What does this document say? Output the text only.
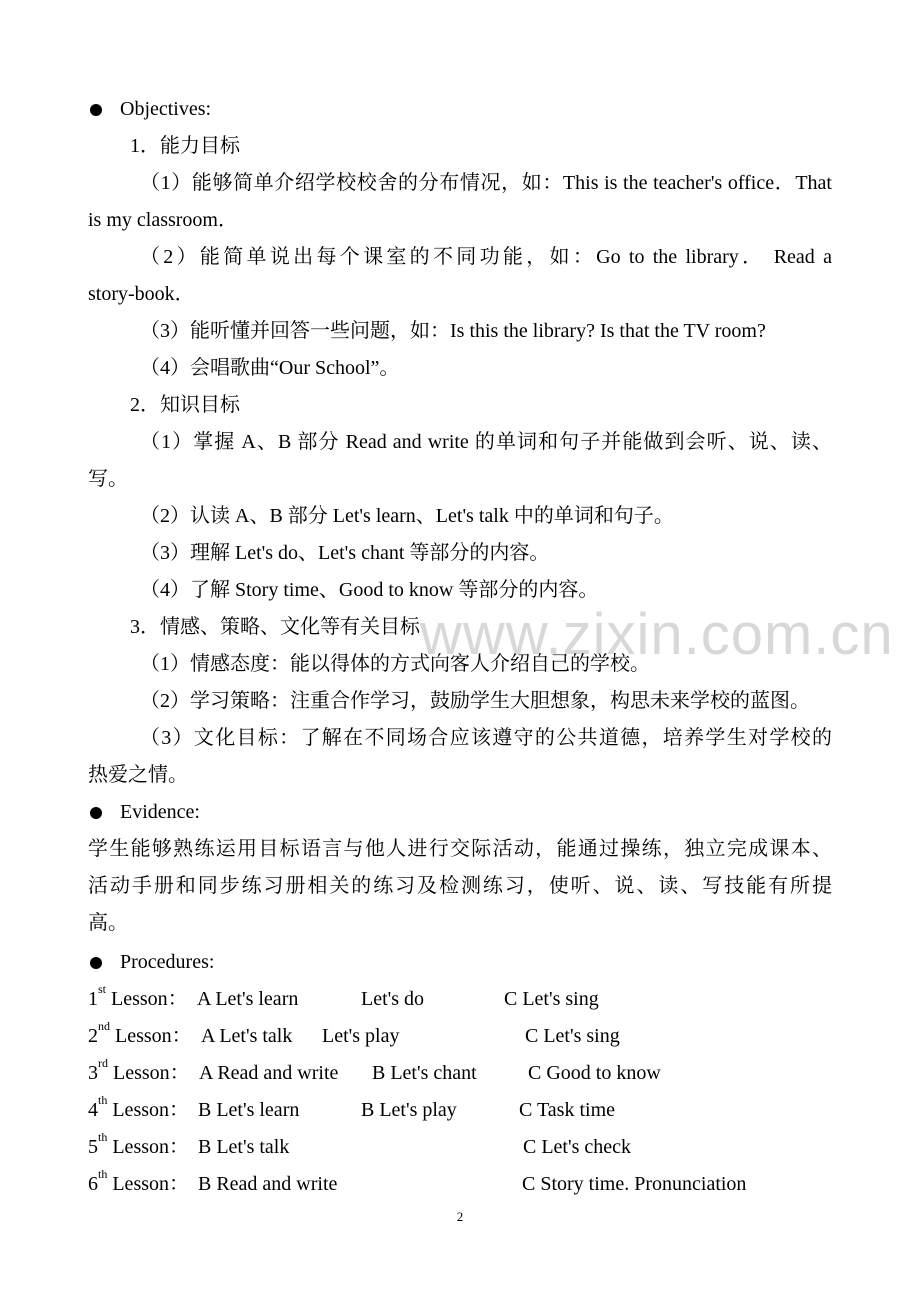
www.zixin.com.cn
Objectives:
1．能力目标
（1）能够简单介绍学校校舍的分布情况，如：This is the teacher's office．That
is my classroom．
（2）能简单说出每个课室的不同功能，如：Go to the library． Read a
story-book．
（3）能听懂并回答一些问题，如：Is this the library? Is that the TV room?
（4）会唱歌曲“Our School”。
2．知识目标
（1）掌握 A、B 部分 Read and write 的单词和句子并能做到会听、说、读、
写。
（2）认读 A、B 部分 Let's learn、Let's talk 中的单词和句子。
（3）理解 Let's do、Let's chant 等部分的内容。
（4）了解 Story time、Good to know 等部分的内容。
3．情感、策略、文化等有关目标
（1）情感态度：能以得体的方式向客人介绍自己的学校。
（2）学习策略：注重合作学习，鼓励学生大胆想象，构思未来学校的蓝图。
（3）文化目标：了解在不同场合应该遵守的公共道德，培养学生对学校的
热爱之情。
Evidence:
学生能够熟练运用目标语言与他人进行交际活动，能通过操练，独立完成课本、
活动手册和同步练习册相关的练习及检测练习，使听、说、读、写技能有所提
高。
Procedures:
1st Lesson： A Let's learn	Let's do	C Let's sing
2nd Lesson： A Let's talk Let's play	C Let's sing
3rd Lesson： A Read and write B Let's chant	C Good to know
4th Lesson： B Let's learn	B Let's play	C Task time
5th Lesson： B Let's talk	C Let's check
6th Lesson： B Read and write	C Story time. Pronunciation
2
